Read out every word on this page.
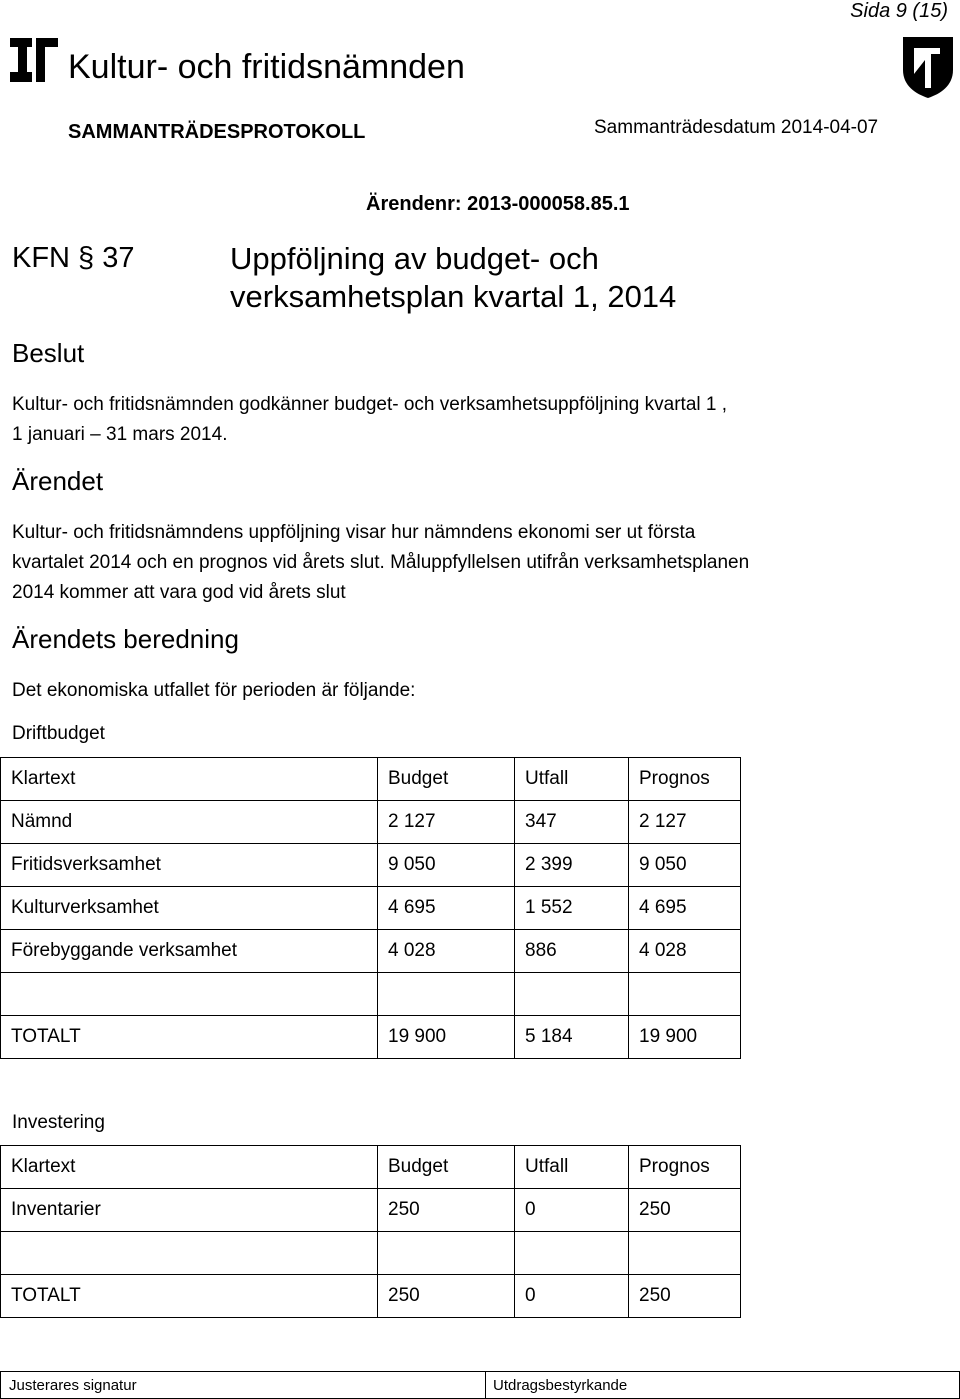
Sida 9 (15)
Kultur- och fritidsnämnden
SAMMANTRÄDESPROTOKOLL	Sammanträdesdatum 2014-04-07
Ärendenr: 2013-000058.85.1
KFN § 37	Uppföljning av budget- och
verksamhetsplan kvartal 1, 2014
Beslut
Kultur- och fritidsnämnden godkänner budget- och verksamhetsuppföljning kvartal 1 ,
1 januari – 31 mars 2014.
Ärendet
Kultur- och fritidsnämndens uppföljning visar hur nämndens ekonomi ser ut första
kvartalet 2014 och en prognos vid årets slut. Måluppfyllelsen utifrån verksamhetsplanen
2014 kommer att vara god vid årets slut
Ärendets beredning
Det ekonomiska utfallet för perioden är följande:
Driftbudget
Klartext	Budget	Utfall	Prognos
Nämnd	2 127	347	2 127
Fritidsverksamhet	9 050	2 399	9 050
Kulturverksamhet	4 695	1 552	4 695
Förebyggande verksamhet	4 028	886	4 028

TOTALT	19 900	5 184	19 900
Investering
Klartext	Budget	Utfall	Prognos
Inventarier	250	0	250

TOTALT	250	0	250
Justerares signatur	Utdragsbestyrkande
